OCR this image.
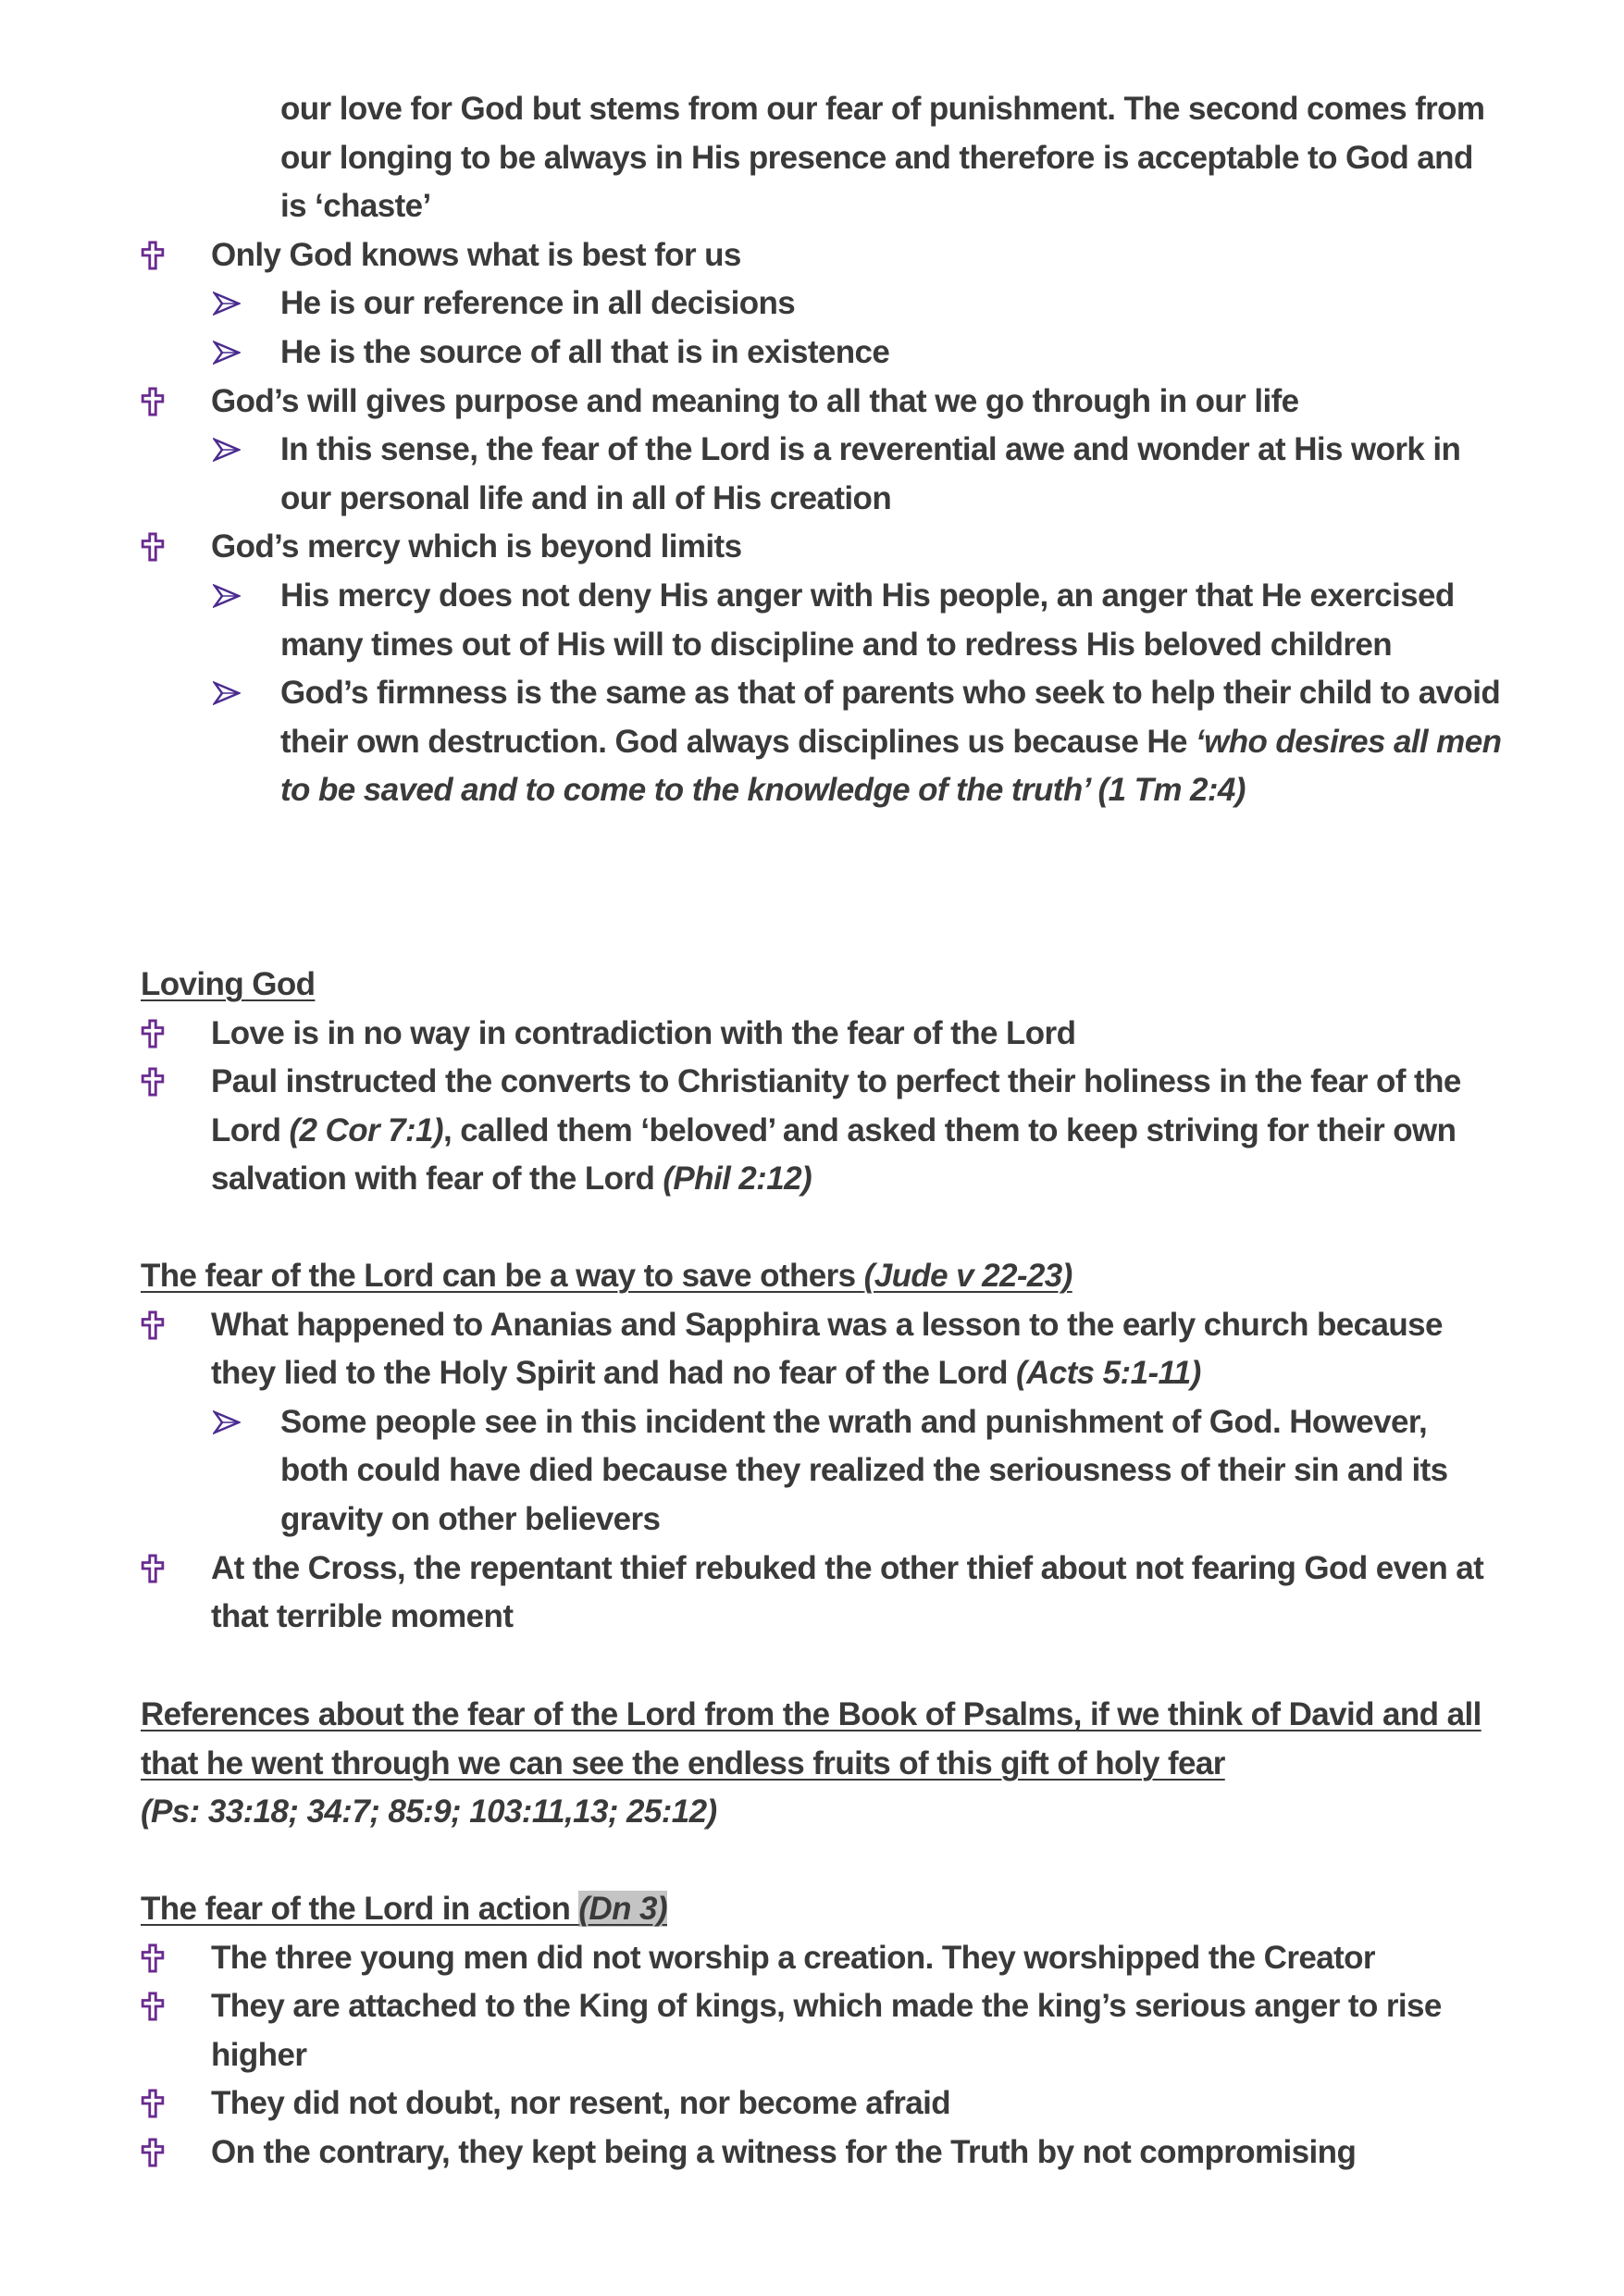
our love for God but stems from our fear of punishment. The second comes from our longing to be always in His presence and therefore is acceptable to God and is ‘chaste’
Only God knows what is best for us
He is our reference in all decisions
He is the source of all that is in existence
God’s will gives purpose and meaning to all that we go through in our life
In this sense, the fear of the Lord is a reverential awe and wonder at His work in our personal life and in all of His creation
God’s mercy which is beyond limits
His mercy does not deny His anger with His people, an anger that He exercised many times out of His will to discipline and to redress His beloved children
God’s firmness is the same as that of parents who seek to help their child to avoid their own destruction. God always disciplines us because He ‘who desires all men to be saved and to come to the knowledge of the truth’ (1 Tm 2:4)
Loving God
Love is in no way in contradiction with the fear of the Lord
Paul instructed the converts to Christianity to perfect their holiness in the fear of the Lord (2 Cor 7:1), called them ‘beloved’ and asked them to keep striving for their own salvation with fear of the Lord (Phil 2:12)
The fear of the Lord can be a way to save others (Jude v 22-23)
What happened to Ananias and Sapphira was a lesson to the early church because they lied to the Holy Spirit and had no fear of the Lord (Acts 5:1-11)
Some people see in this incident the wrath and punishment of God. However, both could have died because they realized the seriousness of their sin and its gravity on other believers
At the Cross, the repentant thief rebuked the other thief about not fearing God even at that terrible moment
References about the fear of the Lord from the Book of Psalms, if we think of David and all that he went through we can see the endless fruits of this gift of holy fear
(Ps: 33:18; 34:7; 85:9; 103:11,13; 25:12)
The fear of the Lord in action (Dn 3)
The three young men did not worship a creation. They worshipped the Creator
They are attached to the King of kings, which made the king’s serious anger to rise higher
They did not doubt, nor resent, nor become afraid
On the contrary, they kept being a witness for the Truth by not compromising
